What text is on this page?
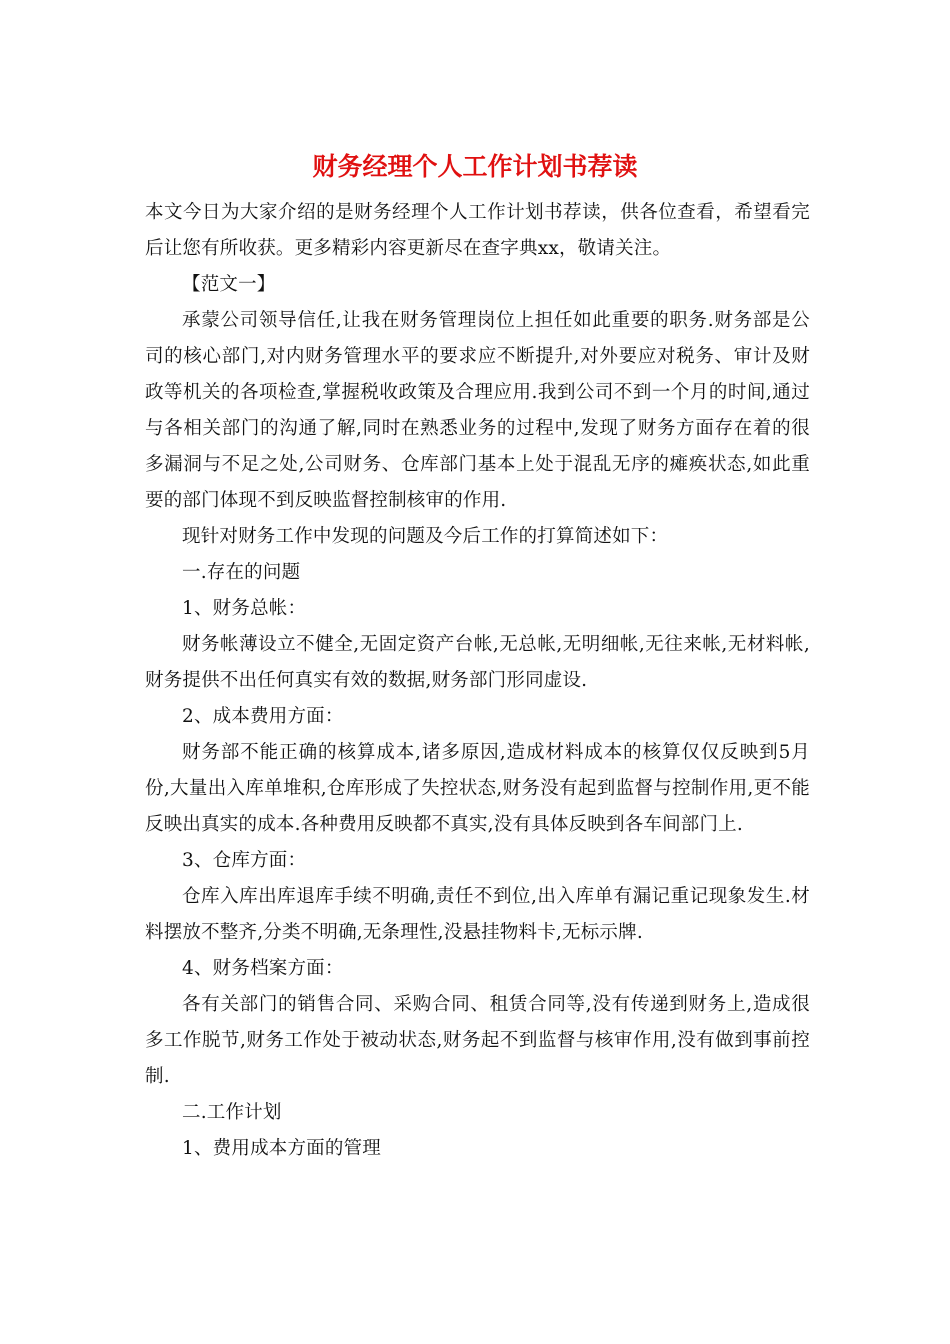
财务经理个人工作计划书荐读

本文今日为大家介绍的是财务经理个人工作计划书荐读，供各位查看，希望看完后让您有所收获。更多精彩内容更新尽在查字典xx，敬请关注。

【范文一】

承蒙公司领导信任,让我在财务管理岗位上担任如此重要的职务.财务部是公司的核心部门,对内财务管理水平的要求应不断提升,对外要应对税务、审计及财政等机关的各项检查,掌握税收政策及合理应用.我到公司不到一个月的时间,通过与各相关部门的沟通了解,同时在熟悉业务的过程中,发现了财务方面存在着的很多漏洞与不足之处,公司财务、仓库部门基本上处于混乱无序的瘫痪状态,如此重要的部门体现不到反映监督控制核审的作用.

现针对财务工作中发现的问题及今后工作的打算简述如下：

一.存在的问题

1、财务总帐：

财务帐薄设立不健全,无固定资产台帐,无总帐,无明细帐,无往来帐,无材料帐,财务提供不出任何真实有效的数据,财务部门形同虚设.

2、成本费用方面：

财务部不能正确的核算成本,诸多原因,造成材料成本的核算仅仅反映到5月份,大量出入库单堆积,仓库形成了失控状态,财务没有起到监督与控制作用,更不能反映出真实的成本.各种费用反映都不真实,没有具体反映到各车间部门上.

3、仓库方面：

仓库入库出库退库手续不明确,责任不到位,出入库单有漏记重记现象发生.材料摆放不整齐,分类不明确,无条理性,没悬挂物料卡,无标示牌.

4、财务档案方面：

各有关部门的销售合同、采购合同、租赁合同等,没有传递到财务上,造成很多工作脱节,财务工作处于被动状态,财务起不到监督与核审作用,没有做到事前控制.

二.工作计划

1、费用成本方面的管理
